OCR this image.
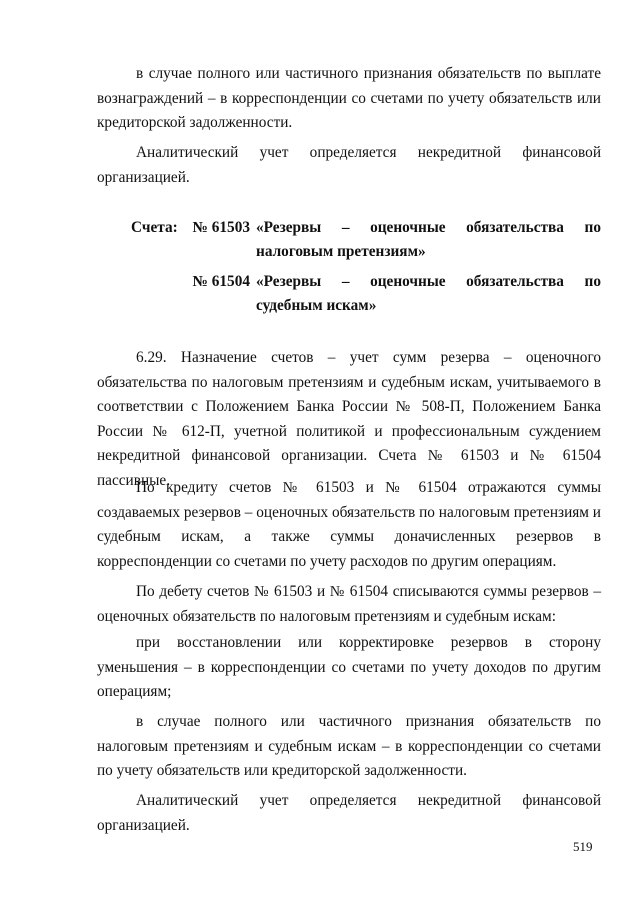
в случае полного или частичного признания обязательств по выплате вознаграждений – в корреспонденции со счетами по учету обязательств или кредиторской задолженности.

Аналитический учет определяется некредитной финансовой организацией.

Счета: № 61503 «Резервы – оценочные обязательства по налоговым претензиям»

№ 61504 «Резервы – оценочные обязательства по судебным искам»

6.29. Назначение счетов – учет сумм резерва – оценочного обязательства по налоговым претензиям и судебным искам, учитываемого в соответствии с Положением Банка России № 508-П, Положением Банка России № 612-П, учетной политикой и профессиональным суждением некредитной финансовой организации. Счета № 61503 и № 61504 пассивные.

По кредиту счетов № 61503 и № 61504 отражаются суммы создаваемых резервов – оценочных обязательств по налоговым претензиям и судебным искам, а также суммы доначисленных резервов в корреспонденции со счетами по учету расходов по другим операциям.

По дебету счетов № 61503 и № 61504 списываются суммы резервов – оценочных обязательств по налоговым претензиям и судебным искам:

при восстановлении или корректировке резервов в сторону уменьшения – в корреспонденции со счетами по учету доходов по другим операциям;

в случае полного или частичного признания обязательств по налоговым претензиям и судебным искам – в корреспонденции со счетами по учету обязательств или кредиторской задолженности.

Аналитический учет определяется некредитной финансовой организацией.

519
